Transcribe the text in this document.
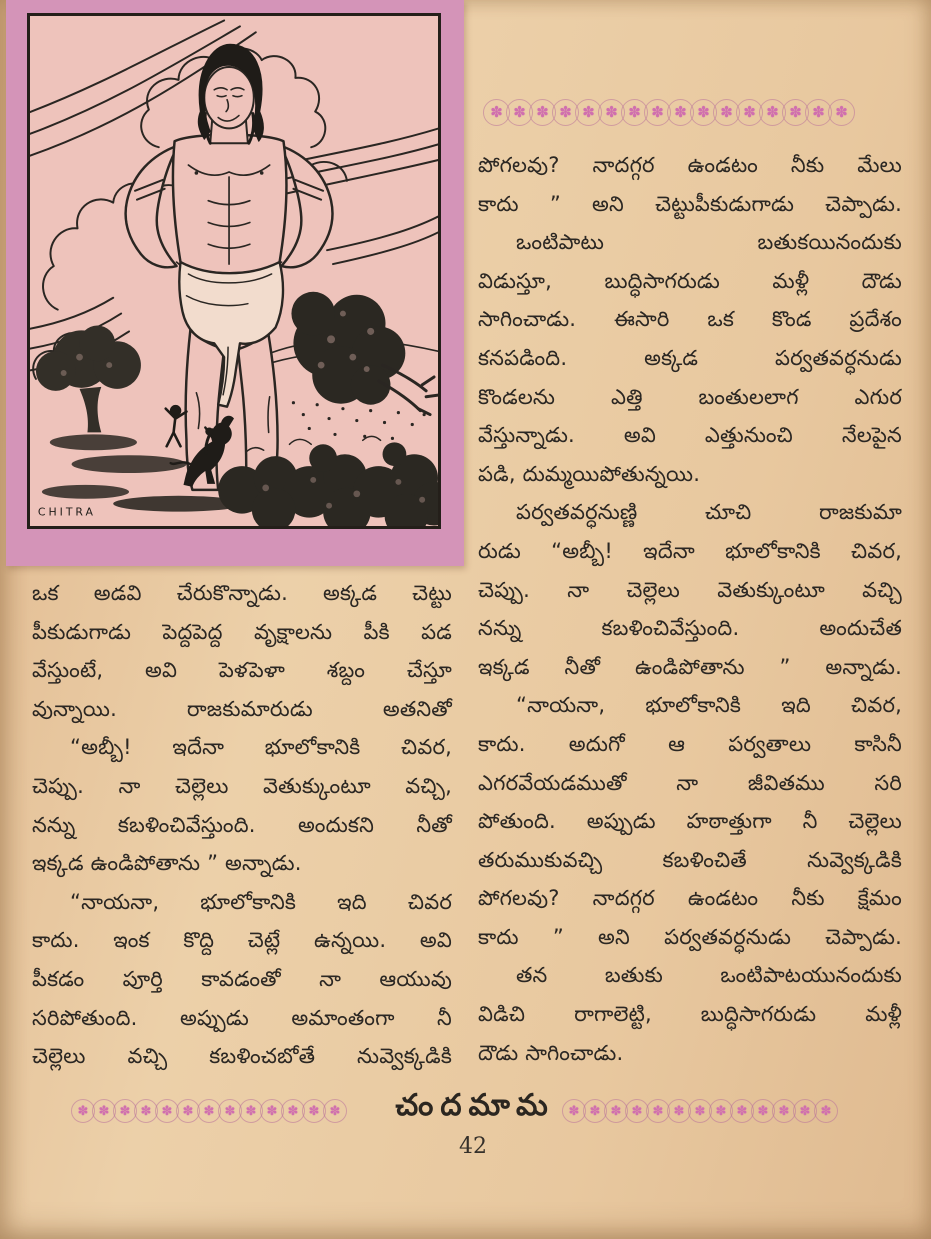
CHITRA
✽ ✽ ✽ ✽ ✽ ✽ ✽ ✽ ✽ ✽ ✽ ✽ ✽ ✽ ✽ ✽
పోగలవు? నాదగ్గర ఉండటం నీకు మేలు
కాదు ” అని చెట్టుపీకుడుగాడు చెప్పాడు.
ఒంటిపాటు బతుకయినందుకు
విడుస్తూ, బుద్ధిసాగరుడు మళ్లీ దౌడు
సాగించాడు. ఈసారి ఒక కొండ ప్రదేశం
కనపడింది. అక్కడ పర్వతవర్ధనుడు
కొండలను ఎత్తి బంతులలాగ ఎగుర
వేస్తున్నాడు. అవి ఎత్తునుంచి నేలపైన
పడి, దుమ్మయిపోతున్నయి.
పర్వతవర్ధనుణ్ణి చూచి రాజకుమా
రుడు “అబ్బీ! ఇదేనా భూలోకానికి చివర,
చెప్పు. నా చెల్లెలు వెతుక్కుంటూ వచ్చి
నన్ను కబళించివేస్తుంది. అందుచేత
ఇక్కడ నీతో ఉండిపోతాను ” అన్నాడు.
“నాయనా, భూలోకానికి ఇది చివర,
కాదు. అదుగో ఆ పర్వతాలు కాసినీ
ఎగరవేయడముతో నా జీవితము సరి
పోతుంది. అప్పుడు హఠాత్తుగా నీ చెల్లెలు
తరుముకువచ్చి కబళించితే నువ్వెక్కడికి
పోగలవు? నాదగ్గర ఉండటం నీకు క్షేమం
కాదు ” అని పర్వతవర్ధనుడు చెప్పాడు.
తన బతుకు ఒంటిపాటయునందుకు
విడిచి రాగాలెట్టి, బుద్ధిసాగరుడు మళ్లీ
దౌడు సాగించాడు.
ఒక అడవి చేరుకొన్నాడు. అక్కడ చెట్టు
పీకుడుగాడు పెద్దపెద్ద వృక్షాలను పీకి పడ
వేస్తుంటే, అవి పెళపెళా శబ్దం చేస్తూ
వున్నాయి. రాజకుమారుడు అతనితో
“అబ్బీ! ఇదేనా భూలోకానికి చివర,
చెప్పు. నా చెల్లెలు వెతుక్కుంటూ వచ్చి,
నన్ను కబళించివేస్తుంది. అందుకని నీతో
ఇక్కడ ఉండిపోతాను ” అన్నాడు.
“నాయనా, భూలోకానికి ఇది చివర
కాదు. ఇంక కొద్ది చెట్లే ఉన్నయి. అవి
పీకడం పూర్తి కావడంతో నా ఆయువు
సరిపోతుంది. అప్పుడు అమాంతంగా నీ
చెల్లెలు వచ్చి కబళించబోతే నువ్వెక్కడికి
✽ ✽ ✽ ✽ ✽ ✽ ✽ ✽ ✽ ✽ ✽ ✽ ✽ చందమామ	✽ ✽ ✽ ✽ ✽ ✽ ✽ ✽ ✽ ✽ ✽ ✽ ✽
42
